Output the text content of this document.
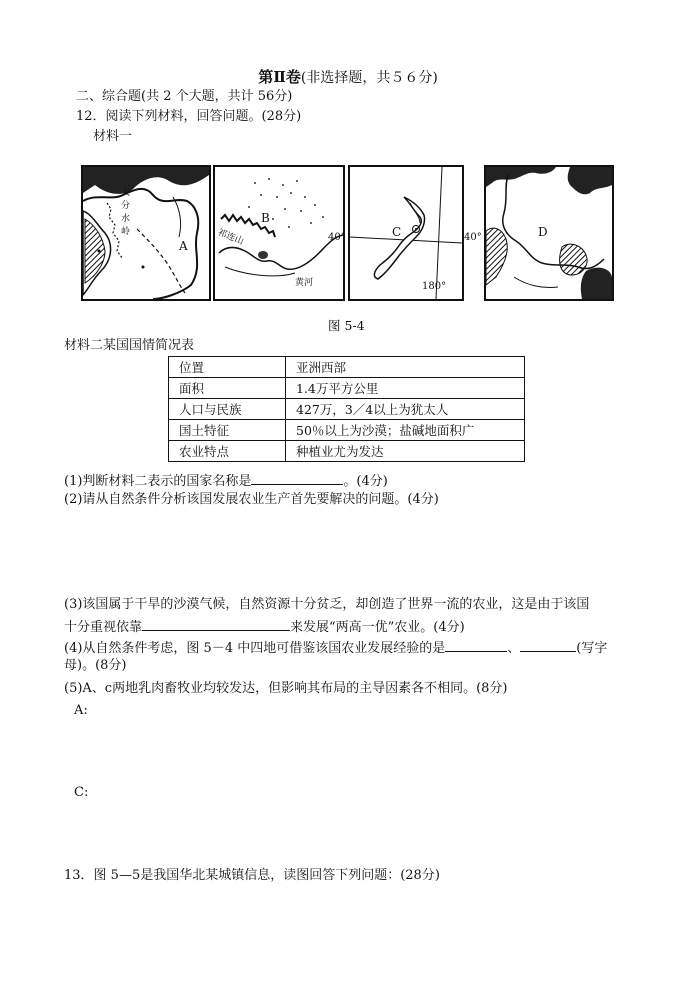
第Ⅱ卷(非选择题，共５６分)
二、综合题(共 2 个大题，共计 56分)
12．阅读下列材料，回答问题。(28分)
材料一
大
分
水
岭
A
B
祁连山
黄河
40°	C
180°
40°	D
图 5-4
材料二某国国情简况表
位置	亚洲西部
面积	1.4万平方公里
人口与民族	427万，3／4以上为犹太人
国土特征	50％以上为沙漠；盐碱地面积广
农业特点	种植业尤为发达
(1)判断材料二表示的国家名称是	。(4分)
(2)请从自然条件分析该国发展农业生产首先要解决的问题。(4分)
(3)该国属于干旱的沙漠气候，自然资源十分贫乏，却创造了世界一流的农业，这是由于该国
十分重视依靠	来发展“两高一优”农业。(4分)
(4)从自然条件考虑，图 5－4 中四地可借鉴该国农业发展经验的是	、	(写字
母)。(8分)
(5)A、c两地乳肉畜牧业均较发达，但影响其布局的主导因素各不相同。(8分)
A:
C:
13．图 5—5是我国华北某城镇信息，读图回答下列问题：(28分)
